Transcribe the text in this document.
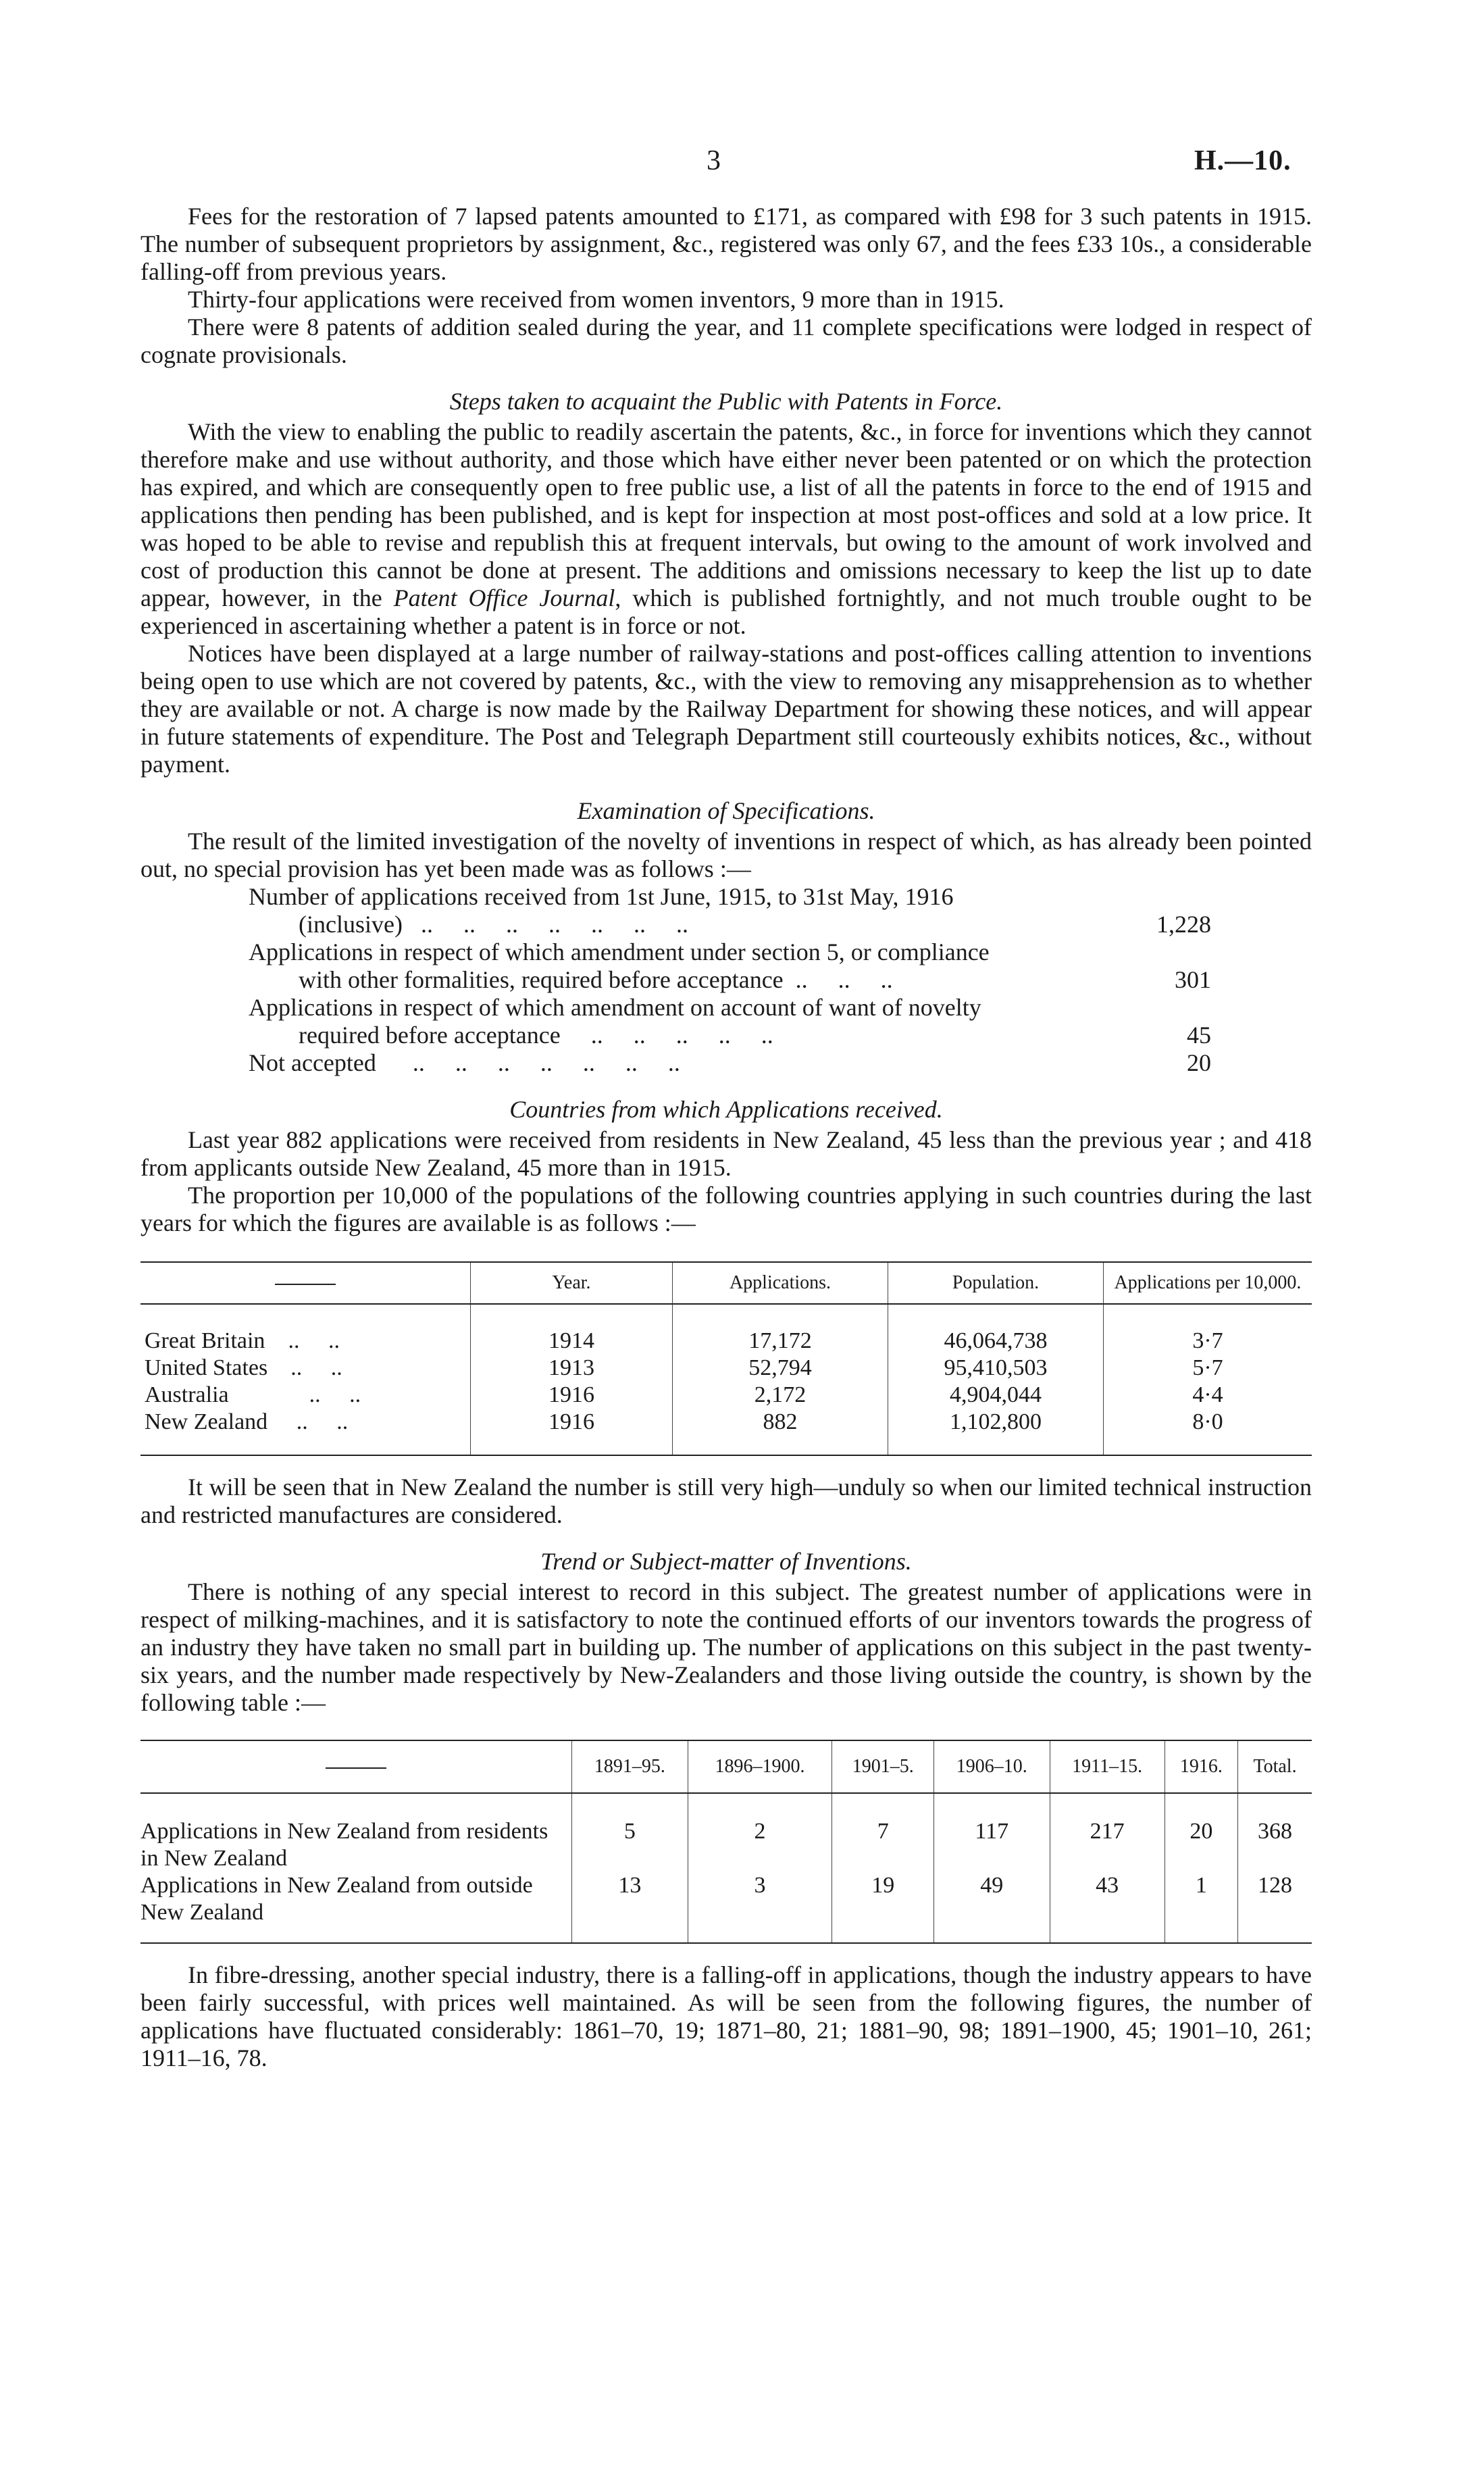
3	H.—10.

Fees for the restoration of 7 lapsed patents amounted to £171, as compared with £98 for 3 such patents in 1915. The number of subsequent proprietors by assignment, &c., registered was only 67, and the fees £33 10s., a considerable falling-off from previous years.

Thirty-four applications were received from women inventors, 9 more than in 1915.

There were 8 patents of addition sealed during the year, and 11 complete specifications were lodged in respect of cognate provisionals.

Steps taken to acquaint the Public with Patents in Force.

With the view to enabling the public to readily ascertain the patents, &c., in force for inventions which they cannot therefore make and use without authority, and those which have either never been patented or on which the protection has expired, and which are consequently open to free public use, a list of all the patents in force to the end of 1915 and applications then pending has been published, and is kept for inspection at most post-offices and sold at a low price. It was hoped to be able to revise and republish this at frequent intervals, but owing to the amount of work involved and cost of production this cannot be done at present. The additions and omissions necessary to keep the list up to date appear, however, in the Patent Office Journal, which is published fortnightly, and not much trouble ought to be experienced in ascertaining whether a patent is in force or not.

Notices have been displayed at a large number of railway-stations and post-offices calling attention to inventions being open to use which are not covered by patents, &c., with the view to removing any misapprehension as to whether they are available or not. A charge is now made by the Railway Department for showing these notices, and will appear in future statements of expenditure. The Post and Telegraph Department still courteously exhibits notices, &c., without payment.

Examination of Specifications.

The result of the limited investigation of the novelty of inventions in respect of which, as has already been pointed out, no special provision has yet been made was as follows :—

Number of applications received from 1st June, 1915, to 31st May, 1916
(inclusive)   ..     ..     ..     ..     ..     ..     ..	1,228
Applications in respect of which amendment under section 5, or compliance
with other formalities, required before acceptance  ..     ..     ..	301
Applications in respect of which amendment on account of want of novelty
required before acceptance     ..     ..     ..     ..     ..	45
Not accepted      ..     ..     ..     ..     ..     ..     ..	20
Countries from which Applications received.

Last year 882 applications were received from residents in New Zealand, 45 less than the previous year ; and 418 from applicants outside New Zealand, 45 more than in 1915.

The proportion per 10,000 of the populations of the following countries applying in such countries during the last years for which the figures are available is as follows :—

	Year.	Applications.	Population.	Applications per 10,000.
Great Britain    ..     ..	1914	17,172	46,064,738	3·7
United States    ..     ..	1913	52,794	95,410,503	5·7
Australia              ..     ..	1916	2,172	4,904,044	4·4
New Zealand     ..     ..	1916	882	1,102,800	8·0

It will be seen that in New Zealand the number is still very high—unduly so when our limited technical instruction and restricted manufactures are considered.

Trend or Subject-matter of Inventions.

There is nothing of any special interest to record in this subject. The greatest number of applications were in respect of milking-machines, and it is satisfactory to note the continued efforts of our inventors towards the progress of an industry they have taken no small part in building up. The number of applications on this subject in the past twenty-six years, and the number made respectively by New-Zealanders and those living outside the country, is shown by the following table :—

	1891–95.	1896–1900.	1901–5.	1906–10.	1911–15.	1916.	Total.
Applications in New Zealand from residents in New Zealand	5	2	7	117	217	20	368
Applications in New Zealand from outside New Zealand	13	3	19	49	43	1	128

In fibre-dressing, another special industry, there is a falling-off in applications, though the industry appears to have been fairly successful, with prices well maintained. As will be seen from the following figures, the number of applications have fluctuated considerably: 1861–70, 19; 1871–80, 21; 1881–90, 98; 1891–1900, 45; 1901–10, 261; 1911–16, 78.
